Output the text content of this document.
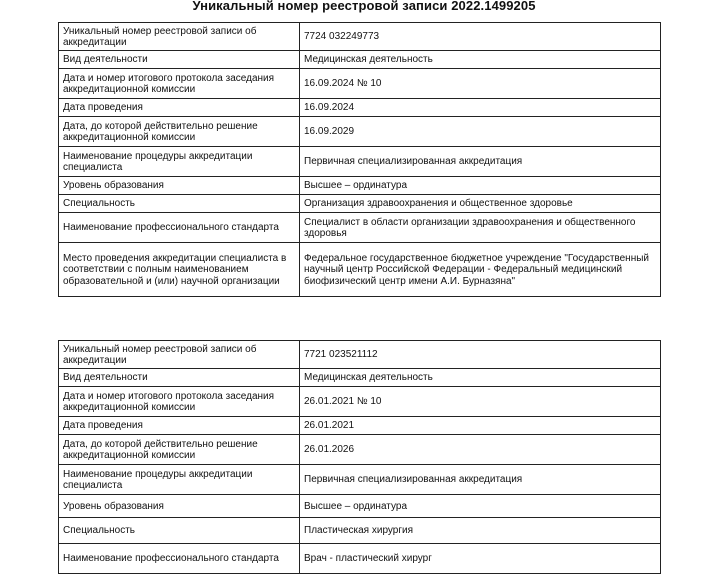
Уникальный номер реестровой записи 2022.1499205
Уникальный номер реестровой записи об аккредитации	7724 032249773
Вид деятельности	Медицинская деятельность
Дата и номер итогового протокола заседания аккредитационной комиссии	16.09.2024 № 10
Дата проведения	16.09.2024
Дата, до которой действительно решение аккредитационной комиссии	16.09.2029
Наименование процедуры аккредитации специалиста	Первичная специализированная аккредитация
Уровень образования	Высшее – ординатура
Специальность	Организация здравоохранения и общественное здоровье
Наименование профессионального стандарта	Специалист в области организации здравоохранения и общественного здоровья
Место проведения аккредитации специалиста в соответствии с полным наименованием образовательной и (или) научной организации	Федеральное государственное бюджетное учреждение "Государственный научный центр Российской Федерации - Федеральный медицинский биофизический центр имени А.И. Бурназяна"
Уникальный номер реестровой записи об аккредитации	7721 023521112
Вид деятельности	Медицинская деятельность
Дата и номер итогового протокола заседания аккредитационной комиссии	26.01.2021 № 10
Дата проведения	26.01.2021
Дата, до которой действительно решение аккредитационной комиссии	26.01.2026
Наименование процедуры аккредитации специалиста	Первичная специализированная аккредитация
Уровень образования	Высшее – ординатура
Специальность	Пластическая хирургия
Наименование профессионального стандарта	Врач - пластический хирург
